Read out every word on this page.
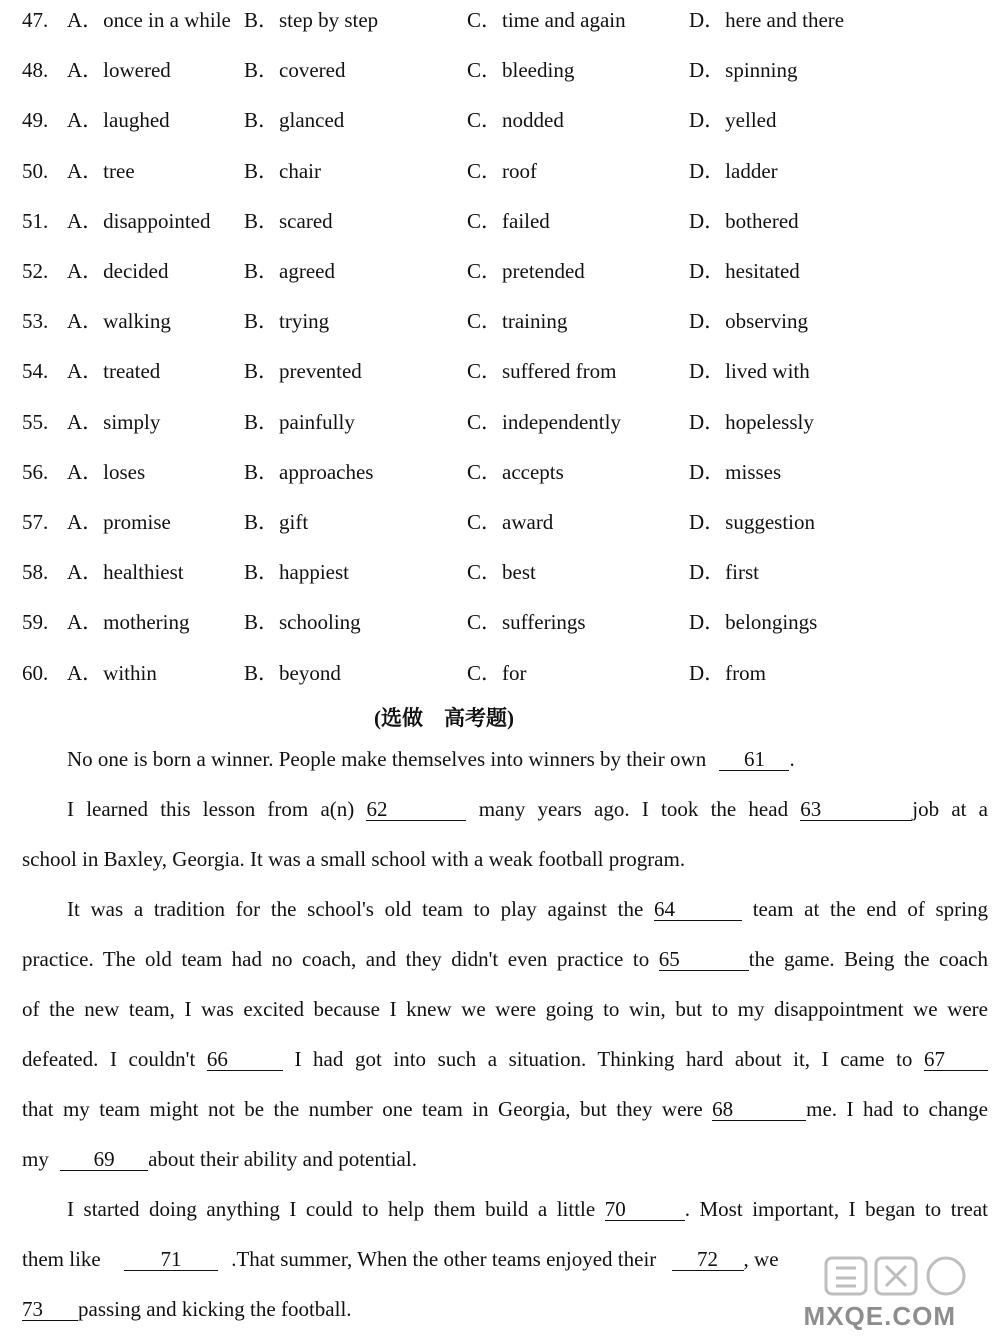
47. A．once in a while B．step by step	C．time and again	D．here and there
48. A．lowered	B．covered	C．bleeding	D．spinning
49. A．laughed	B．glanced	C．nodded	D．yelled
50. A．tree	B．chair	C．roof	D．ladder
51. A．disappointed B．scared	C．failed	D．bothered
52. A．decided	B．agreed	C．pretended	D．hesitated
53. A．walking	B．trying	C．training	D．observing
54. A．treated	B．prevented	C．suffered from	D．lived with
55. A．simply	B．painfully	C．independently	D．hopelessly
56. A．loses	B．approaches	C．accepts	D．misses
57. A．promise	B．gift	C．award	D．suggestion
58. A．healthiest	B．happiest	C．best	D．first
59. A．mothering	B．schooling	C．sufferings	D．belongings
60. A．within	B．beyond	C．for	D．from
(选做　高考题)
No one is born a winner. People make themselves into winners by their own 61 .
I learned this lesson from a(n) 62	many years ago. I took the head 63	job at a
school in Baxley, Georgia. It was a small school with a weak football program.
It was a tradition for the school's old team to play against the 64	team at the end of spring
practice. The old team had no coach, and they didn't even practice to 65	the game. Being the coach
of the new team, I was excited because I knew we were going to win, but to my disappointment we were
defeated. I couldn't 66	I had got into such a situation. Thinking hard about it, I came to 67
that my team might not be the number one team in Georgia, but they were 68	me. I had to change
my 69 about their ability and potential.
I started doing anything I could to help them build a little 70	. Most important, I began to treat
them like	71 .That summer, When the other teams enjoyed their 72 , we
73 passing and kicking the football.	MXQE.COM
